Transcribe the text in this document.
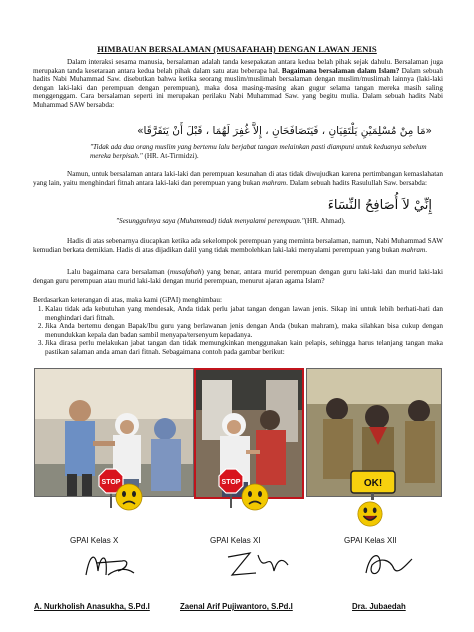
HIMBAUAN BERSALAMAN (MUSAFAHAH) DENGAN LAWAN JENIS
Dalam interaksi sesama manusia, bersalaman adalah tanda kesepakatan antara kedua belah pihak sejak dahulu. Bersalaman juga merupakan tanda kesetaraan antara kedua belah pihak dalam satu atau beberapa hal. Bagaimana bersalaman dalam Islam? Dalam sebuah hadits Nabi Muhammad Saw. disebutkan bahwa ketika seorang muslim/muslimah bersalaman dengan muslim/muslimah lainnya (laki-laki dengan laki-laki dan perempuan dengan perempuan), maka dosa masing-masing akan gugur selama tangan mereka masih saling menggenggam. Cara bersalaman seperti ini merupakan perilaku Nabi Muhammad Saw. yang begitu mulia. Dalam sebuah hadits Nabi Muhammad SAW bersabda:
«مَا مِنْ مُسْلِمَيْنِ يَلْتَقِيَانِ ، فَيَتَصَافَحَانِ ، إِلاَّ غُفِرَ لَهُمَا ، قَبْلَ أَنْ يَتَفَرَّقَا»
"Tidak ada dua orang muslim yang bertemu lalu berjabat tangan melainkan pasti diampuni untuk keduanya sebelum mereka berpisah." (HR. At-Tirmidzi).
Namun, untuk bersalaman antara laki-laki dan perempuan kesunahan di atas tidak diwujudkan karena pertimbangan kemaslahatan yang lain, yaitu menghindari fitnah antara laki-laki dan perempuan yang bukan mahram. Dalam sebuah hadits Rasulullah Saw. bersabda:
إِنِّيْ لاَ أُصَافِحُ النِّسَاءَ
"Sesungguhnya saya (Muhammad) tidak menyalami perempuan."(HR. Ahmad).
Hadis di atas sebenarnya diucapkan ketika ada sekelompok perempuan yang meminta bersalaman, namun, Nabi Muhammad SAW kemudian berkata demikian. Hadis di atas dijadikan dalil yang tidak membolehkan laki-laki menyalami perempuan yang bukan mahram.
Lalu bagaimana cara bersalaman (musafahah) yang benar, antara murid perempuan dengan guru laki-laki dan murid laki-laki dengan guru perempuan atau murid laki-laki dengan murid perempuan, menurut ajaran agama Islam?
Berdasarkan keterangan di atas, maka kami (GPAI) menghimbau:
1. Kalau tidak ada kebutuhan yang mendesak, Anda tidak perlu jabat tangan dengan lawan jenis. Sikap ini untuk lebih berhati-hati dan menghindari dari fitnah.
2. Jika Anda bertemu dengan Bapak/Ibu guru yang berlawanan jenis dengan Anda (bukan mahram), maka silahkan bisa cukup dengan menundukkan kepala dan badan sambil menyapa/tersenyum kepadanya.
3. Jika dirasa perlu melakukan jabat tangan dan tidak memungkinkan menggunakan kain pelapis, sehingga harus telanjang tangan maka pastikan salaman anda aman dari fitnah. Sebagaimana contoh pada gambar berikut:
STOP	STOP	OK!
GPAI Kelas X	GPAI Kelas XI	GPAI Kelas XII
A. Nurkholish Anasukha, S.Pd.I	Zaenal Arif Pujiwantoro, S.Pd.I	Dra. Jubaedah
